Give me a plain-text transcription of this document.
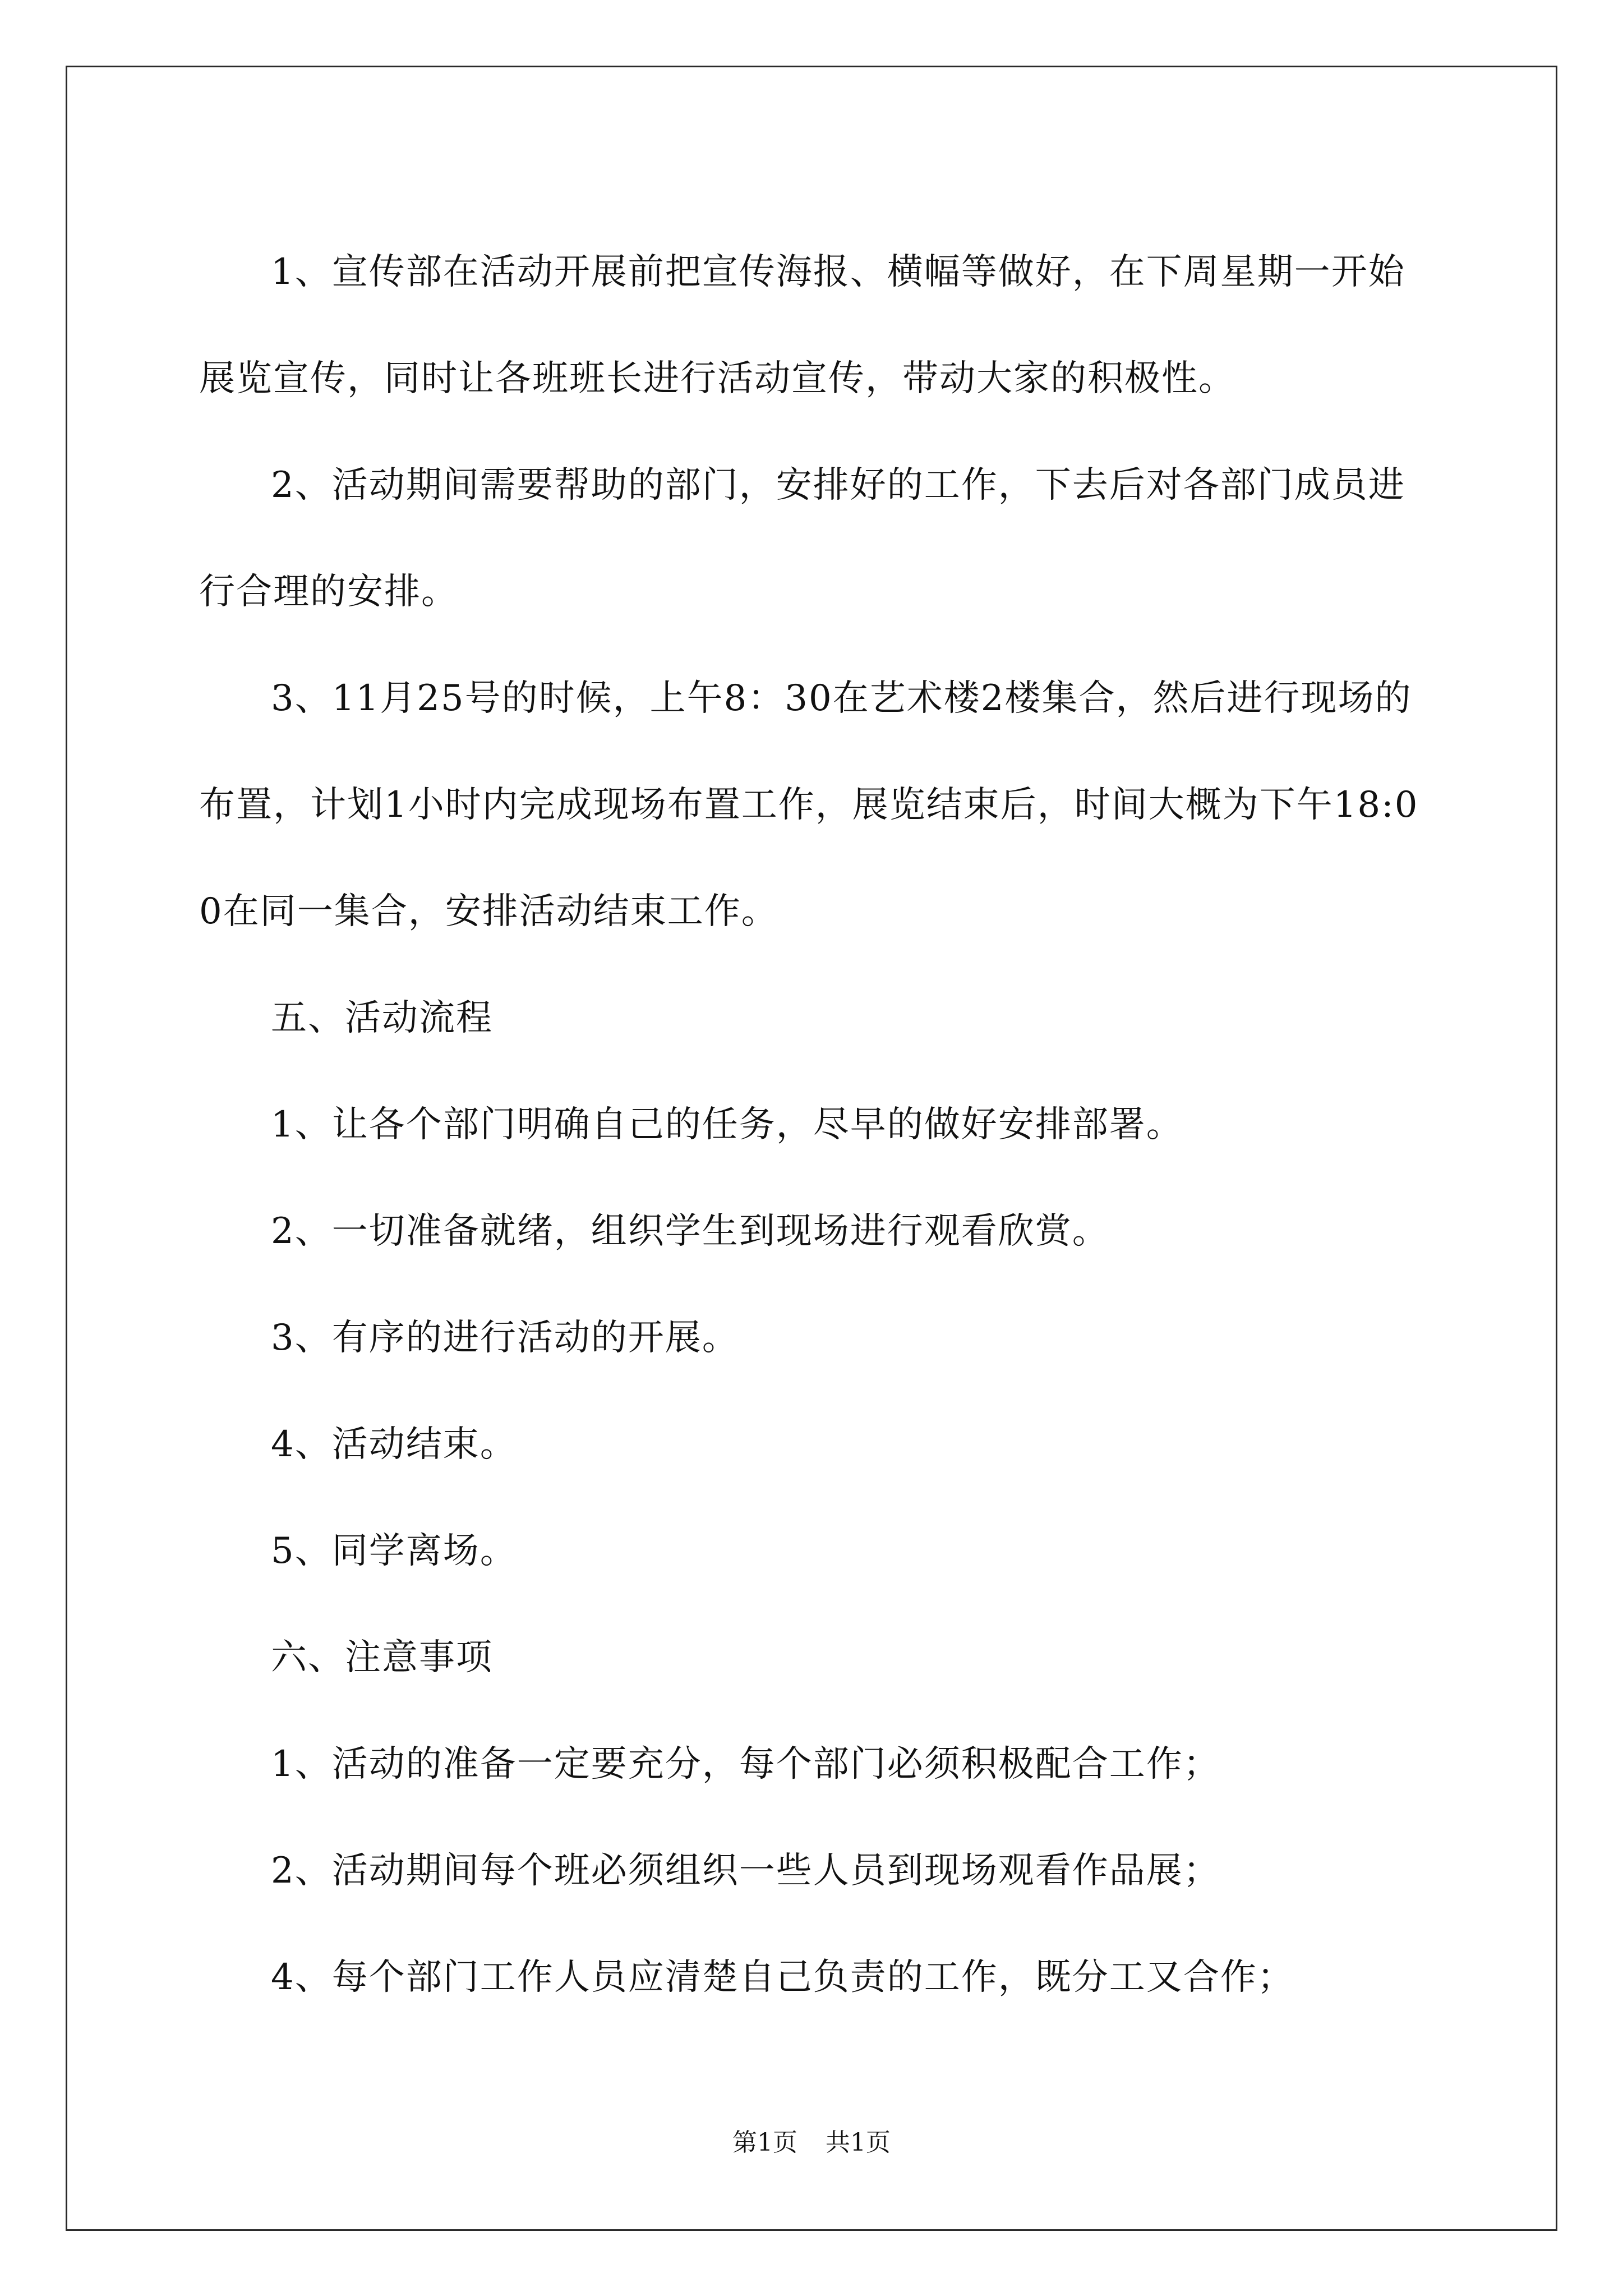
1、宣传部在活动开展前把宣传海报、横幅等做好，在下周星期一开始展览宣传，同时让各班班长进行活动宣传，带动大家的积极性。

2、活动期间需要帮助的部门，安排好的工作，下去后对各部门成员进行合理的安排。

3、11月25号的时候，上午8：30在艺术楼2楼集合，然后进行现场的布置，计划1小时内完成现场布置工作，展览结束后，时间大概为下午18:00在同一集合，安排活动结束工作。

五、活动流程

1、让各个部门明确自己的任务，尽早的做好安排部署。

2、一切准备就绪，组织学生到现场进行观看欣赏。

3、有序的进行活动的开展。

4、活动结束。

5、同学离场。

六、注意事项

1、活动的准备一定要充分，每个部门必须积极配合工作；

2、活动期间每个班必须组织一些人员到现场观看作品展；

4、每个部门工作人员应清楚自己负责的工作，既分工又合作；

第1页 共1页
